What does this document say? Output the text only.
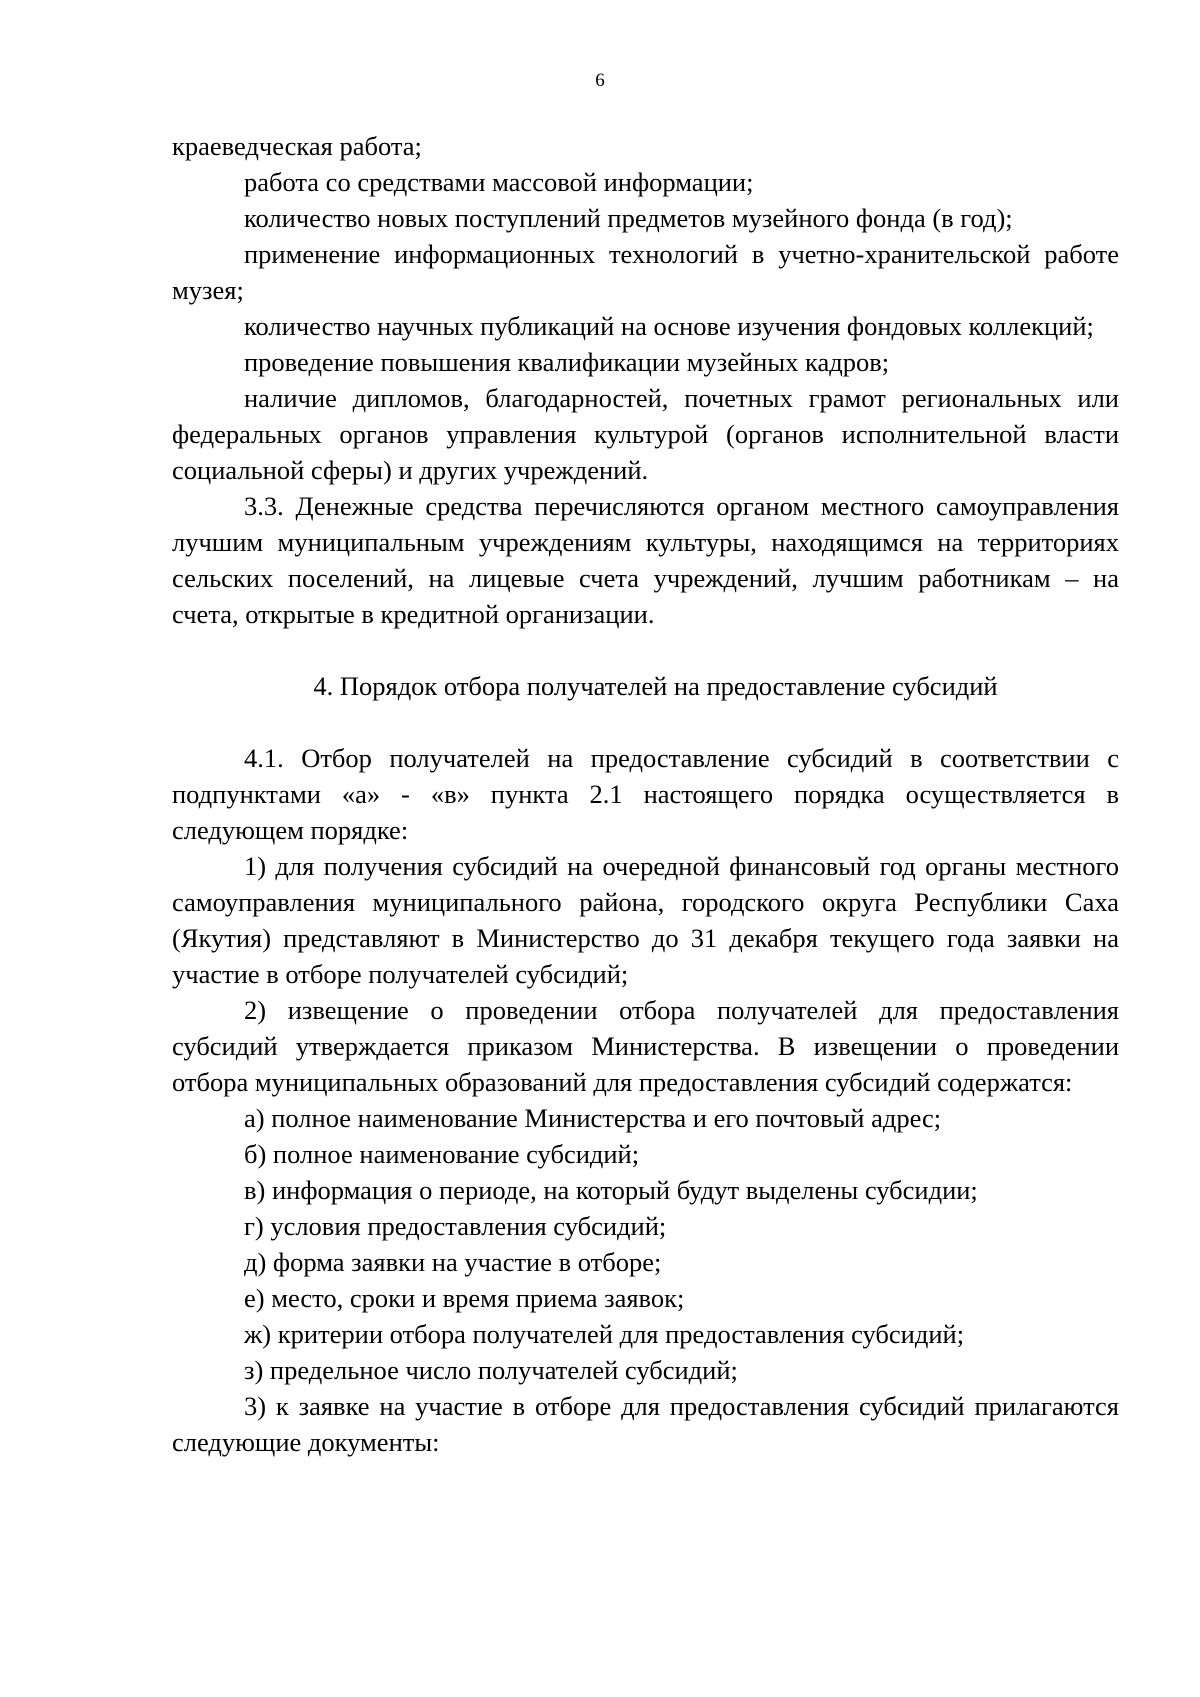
6

краеведческая работа;

работа со средствами массовой информации;

количество новых поступлений предметов музейного фонда (в год);

применение информационных технологий в учетно-хранительской работе музея;

количество научных публикаций на основе изучения фондовых коллекций;

проведение повышения квалификации музейных кадров;

наличие дипломов, благодарностей, почетных грамот региональных или федеральных органов управления культурой (органов исполнительной власти социальной сферы) и других учреждений.

3.3. Денежные средства перечисляются органом местного самоуправления лучшим муниципальным учреждениям культуры, находящимся на территориях сельских поселений, на лицевые счета учреждений, лучшим работникам – на счета, открытые в кредитной организации.

4. Порядок отбора получателей на предоставление субсидий

4.1. Отбор получателей на предоставление субсидий в соответствии с подпунктами «а» - «в» пункта 2.1 настоящего порядка осуществляется в следующем порядке:

1) для получения субсидий на очередной финансовый год органы местного самоуправления муниципального района, городского округа Республики Саха (Якутия) представляют в Министерство до 31 декабря текущего года заявки на участие в отборе получателей субсидий;

2) извещение о проведении отбора получателей для предоставления субсидий утверждается приказом Министерства. В извещении о проведении отбора муниципальных образований для предоставления субсидий содержатся:

а) полное наименование Министерства и его почтовый адрес;

б) полное наименование субсидий;

в) информация о периоде, на который будут выделены субсидии;

г) условия предоставления субсидий;

д) форма заявки на участие в отборе;

е) место, сроки и время приема заявок;

ж) критерии отбора получателей для предоставления субсидий;

з) предельное число получателей субсидий;

3) к заявке на участие в отборе для предоставления субсидий прилагаются следующие документы:
